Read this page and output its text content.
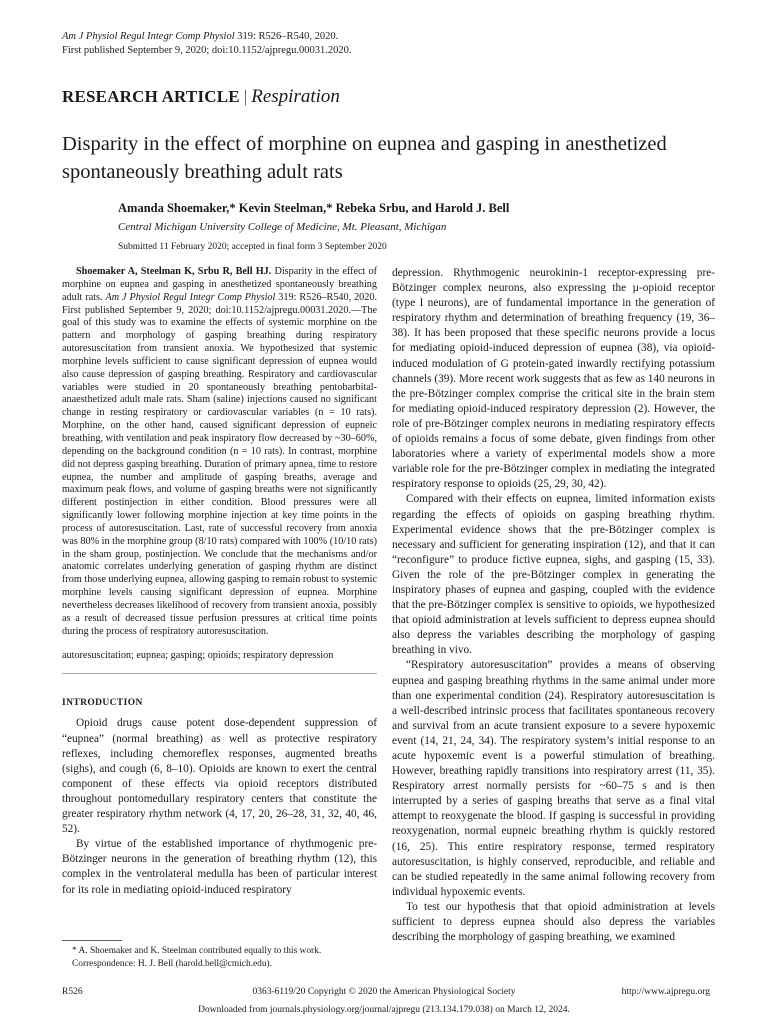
Am J Physiol Regul Integr Comp Physiol 319: R526–R540, 2020.
First published September 9, 2020; doi:10.1152/ajpregu.00031.2020.
RESEARCH ARTICLE | Respiration
Disparity in the effect of morphine on eupnea and gasping in anesthetized spontaneously breathing adult rats
Amanda Shoemaker,* Kevin Steelman,* Rebeka Srbu, and Harold J. Bell
Central Michigan University College of Medicine, Mt. Pleasant, Michigan
Submitted 11 February 2020; accepted in final form 3 September 2020

Shoemaker A, Steelman K, Srbu R, Bell HJ. Disparity in the effect of morphine on eupnea and gasping in anesthetized spontaneously breathing adult rats. Am J Physiol Regul Integr Comp Physiol 319: R526–R540, 2020. First published September 9, 2020; doi:10.1152/ajpregu.00031.2020.—The goal of this study was to examine the effects of systemic morphine on the pattern and morphology of gasping breathing during respiratory autoresuscitation from transient anoxia. We hypothesized that systemic morphine levels sufficient to cause significant depression of eupnea would also cause depression of gasping breathing. Respiratory and cardiovascular variables were studied in 20 spontaneously breathing pentobarbital-anaesthetized adult male rats. Sham (saline) injections caused no significant change in resting respiratory or cardiovascular variables (n = 10 rats). Morphine, on the other hand, caused significant depression of eupneic breathing, with ventilation and peak inspiratory flow decreased by ~30–60%, depending on the background condition (n = 10 rats). In contrast, morphine did not depress gasping breathing. Duration of primary apnea, time to restore eupnea, the number and amplitude of gasping breaths, average and maximum peak flows, and volume of gasping breaths were not significantly different postinjection in either condition. Blood pressures were all significantly lower following morphine injection at key time points in the process of autoresuscitation. Last, rate of successful recovery from anoxia was 80% in the morphine group (8/10 rats) compared with 100% (10/10 rats) in the sham group, postinjection. We conclude that the mechanisms and/or anatomic correlates underlying generation of gasping rhythm are distinct from those underlying eupnea, allowing gasping to remain robust to systemic morphine levels causing significant depression of eupnea. Morphine nevertheless decreases likelihood of recovery from transient anoxia, possibly as a result of decreased tissue perfusion pressures at critical time points during the process of respiratory autoresuscitation.

autoresuscitation; eupnea; gasping; opioids; respiratory depression

INTRODUCTION

Opioid drugs cause potent dose-dependent suppression of “eupnea” (normal breathing) as well as protective respiratory reflexes, including chemoreflex responses, augmented breaths (sighs), and cough (6, 8–10). Opioids are known to exert the central component of these effects via opioid receptors distributed throughout pontomedullary respiratory centers that constitute the greater respiratory rhythm network (4, 17, 20, 26–28, 31, 32, 40, 46, 52).

By virtue of the established importance of rhythmogenic pre-Bötzinger neurons in the generation of breathing rhythm (12), this complex in the ventrolateral medulla has been of particular interest for its role in mediating opioid-induced respiratory

depression. Rhythmogenic neurokinin-1 receptor-expressing pre-Bötzinger complex neurons, also expressing the µ-opioid receptor (type I neurons), are of fundamental importance in the generation of respiratory rhythm and determination of breathing frequency (19, 36–38). It has been proposed that these specific neurons provide a locus for mediating opioid-induced depression of eupnea (38), via opioid-induced modulation of G protein-gated inwardly rectifying potassium channels (39). More recent work suggests that as few as 140 neurons in the pre-Bötzinger complex comprise the critical site in the brain stem for mediating opioid-induced respiratory depression (2). However, the role of pre-Bötzinger complex neurons in mediating respiratory effects of opioids remains a focus of some debate, given findings from other laboratories where a variety of experimental models show a more variable role for the pre-Bötzinger complex in mediating the integrated respiratory response to opioids (25, 29, 30, 42).

Compared with their effects on eupnea, limited information exists regarding the effects of opioids on gasping breathing rhythm. Experimental evidence shows that the pre-Bötzinger complex is necessary and sufficient for generating inspiration (12), and that it can “reconfigure” to produce fictive eupnea, sighs, and gasping (15, 33). Given the role of the pre-Bötzinger complex in generating the inspiratory phases of eupnea and gasping, coupled with the evidence that the pre-Bötzinger complex is sensitive to opioids, we hypothesized that opioid administration at levels sufficient to depress eupnea should also depress the variables describing the morphology of gasping breathing in vivo.

“Respiratory autoresuscitation” provides a means of observing eupnea and gasping breathing rhythms in the same animal under more than one experimental condition (24). Respiratory autoresuscitation is a well-described intrinsic process that facilitates spontaneous recovery and survival from an acute transient exposure to a severe hypoxemic event (14, 21, 24, 34). The respiratory system’s initial response to an acute hypoxemic event is a powerful stimulation of breathing. However, breathing rapidly transitions into respiratory arrest (11, 35). Respiratory arrest normally persists for ~60–75 s and is then interrupted by a series of gasping breaths that serve as a final vital attempt to reoxygenate the blood. If gasping is successful in providing reoxygenation, normal eupneic breathing rhythm is quickly restored (16, 25). This entire respiratory response, termed respiratory autoresuscitation, is highly conserved, reproducible, and reliable and can be studied repeatedly in the same animal following recovery from individual hypoxemic events.

To test our hypothesis that that opioid administration at levels sufficient to depress eupnea should also depress the variables describing the morphology of gasping breathing, we examined

* A. Shoemaker and K. Steelman contributed equally to this work.
Correspondence: H. J. Bell (harold.bell@cmich.edu).
0363-6119/20 Copyright © 2020 the American Physiological Society
R526	http://www.ajpregu.org
Downloaded from journals.physiology.org/journal/ajpregu (213.134.179.038) on March 12, 2024.
